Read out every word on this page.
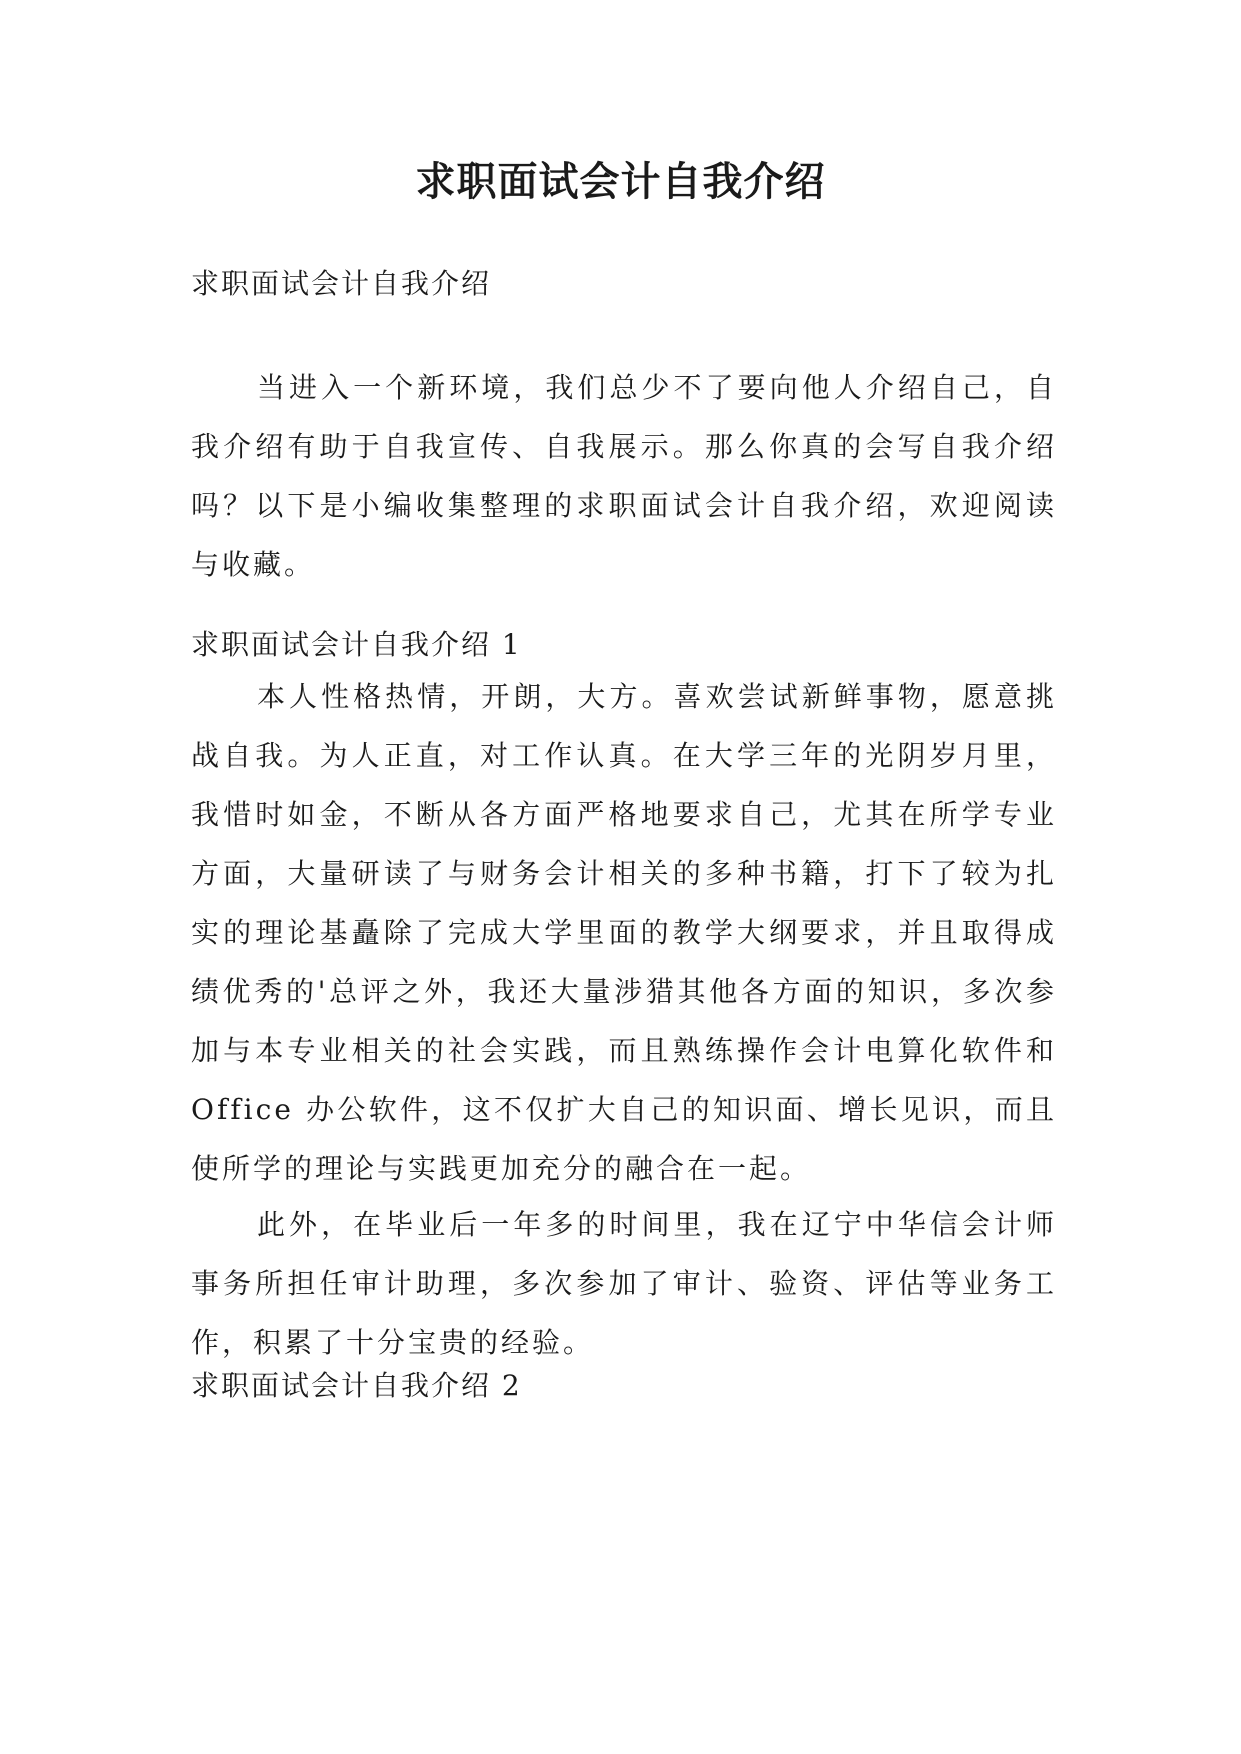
求职面试会计自我介绍

求职面试会计自我介绍

当进入一个新环境，我们总少不了要向他人介绍自己，自我介绍有助于自我宣传、自我展示。那么你真的会写自我介绍吗？以下是小编收集整理的求职面试会计自我介绍，欢迎阅读与收藏。

求职面试会计自我介绍 1

本人性格热情，开朗，大方。喜欢尝试新鲜事物，愿意挑战自我。为人正直，对工作认真。在大学三年的光阴岁月里，我惜时如金，不断从各方面严格地要求自己，尤其在所学专业方面，大量研读了与财务会计相关的多种书籍，打下了较为扎实的理论基矗除了完成大学里面的教学大纲要求，并且取得成绩优秀的'总评之外，我还大量涉猎其他各方面的知识，多次参加与本专业相关的社会实践，而且熟练操作会计电算化软件和 Office 办公软件，这不仅扩大自己的知识面、增长见识，而且使所学的理论与实践更加充分的融合在一起。

此外，在毕业后一年多的时间里，我在辽宁中华信会计师事务所担任审计助理，多次参加了审计、验资、评估等业务工作，积累了十分宝贵的经验。

求职面试会计自我介绍 2
